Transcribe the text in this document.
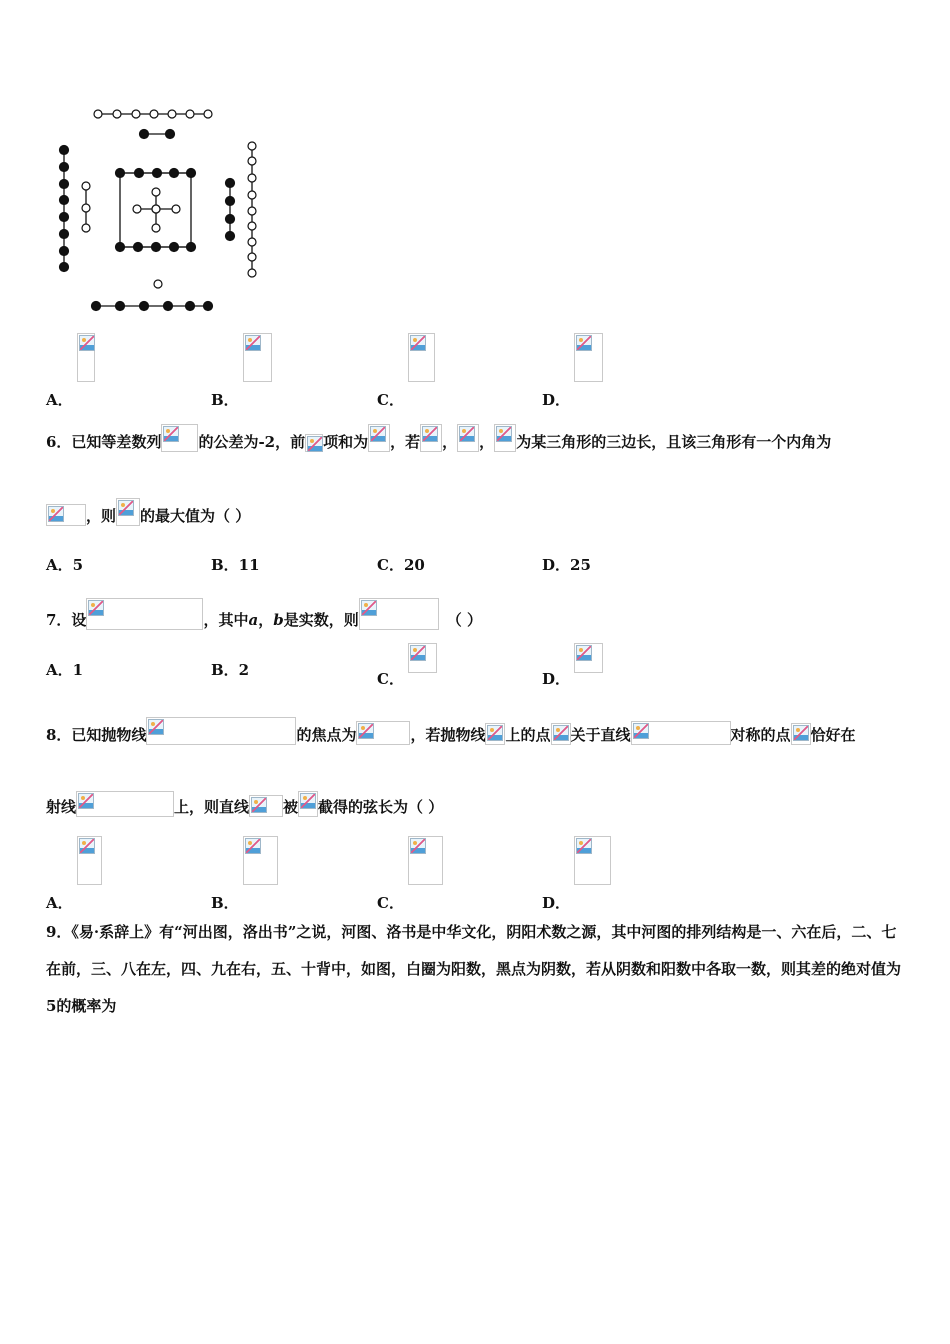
A．	B．	C．	D．
6．已知等差数列 的公差为-2，前 项和为 ，若 ， ， 为某三角形的三边长，且该三角形有一个内角为
，则 的最大值为（ ）
A．5	B．11	C．20	D．25
7．设	，其中a，b是实数，则	（ ）
A．1	B．2	C．	D．
8．已知抛物线	的焦点为	，若抛物线 上的点 关于直线	对称的点 恰好在
射线	上，则直线 被 截得的弦长为（ ）
A．	B．	C．	D．
9．《易·系辞上》有“河出图，洛出书”之说，河图、洛书是中华文化，阴阳术数之源，其中河图的排列结构是一、六在后，二、七在前，三、八在左，四、九在右，五、十背中，如图，白圈为阳数，黑点为阴数，若从阴数和阳数中各取一数，则其差的绝对值为5的概率为
